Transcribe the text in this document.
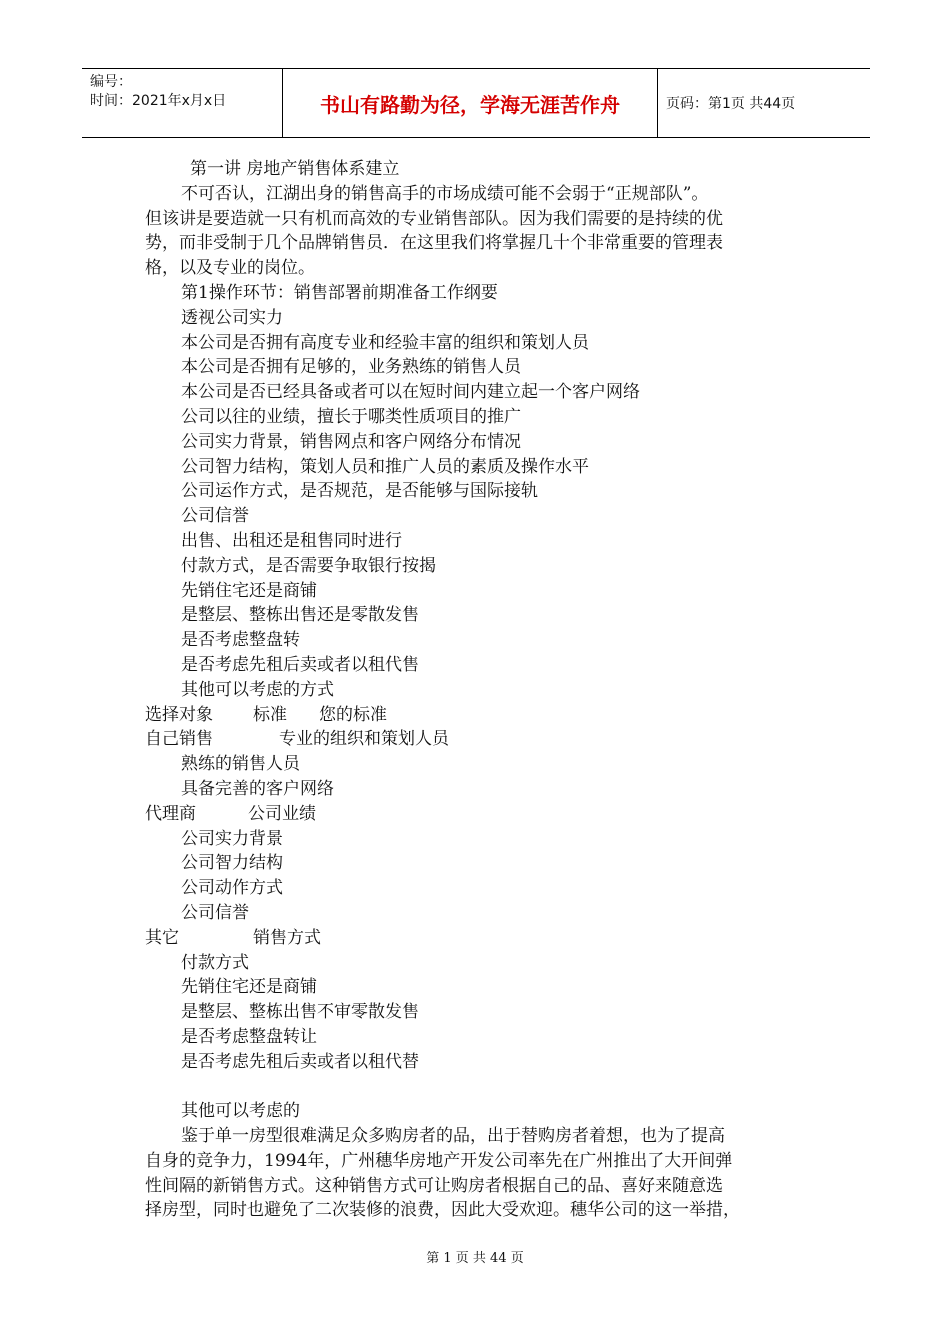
编号：
时间：2021年x月x日	书山有路勤为径，学海无涯苦作舟	页码：第1页 共44页
第一讲 房地产销售体系建立
不可否认，江湖出身的销售高手的市场成绩可能不会弱于“正规部队”。
但该讲是要造就一只有机而高效的专业销售部队。因为我们需要的是持续的优
势，而非受制于几个品牌销售员．在这里我们将掌握几十个非常重要的管理表
格，以及专业的岗位。
第1操作环节：销售部署前期准备工作纲要
透视公司实力
本公司是否拥有高度专业和经验丰富的组织和策划人员
本公司是否拥有足够的，业务熟练的销售人员
本公司是否已经具备或者可以在短时间内建立起一个客户网络
公司以往的业绩，擅长于哪类性质项目的推广
公司实力背景，销售网点和客户网络分布情况
公司智力结构，策划人员和推广人员的素质及操作水平
公司运作方式，是否规范，是否能够与国际接轨
公司信誉
出售、出租还是租售同时进行
付款方式，是否需要争取银行按揭
先销住宅还是商铺
是整层、整栋出售还是零散发售
是否考虑整盘转
是否考虑先租后卖或者以租代售
其他可以考虑的方式
选择对象 标准 您的标准
自己销售	专业的组织和策划人员
熟练的销售人员
具备完善的客户网络
代理商	公司业绩
公司实力背景
公司智力结构
公司动作方式
公司信誉
其它	销售方式
付款方式
先销住宅还是商铺
是整层、整栋出售不审零散发售
是否考虑整盘转让
是否考虑先租后卖或者以租代替
其他可以考虑的
鉴于单一房型很难满足众多购房者的品，出于替购房者着想，也为了提高
自身的竞争力，1994年，广州穗华房地产开发公司率先在广州推出了大开间弹
性间隔的新销售方式。这种销售方式可让购房者根据自己的品、喜好来随意选
择房型，同时也避免了二次装修的浪费，因此大受欢迎。穗华公司的这一举措，
第 1 页 共 44 页
